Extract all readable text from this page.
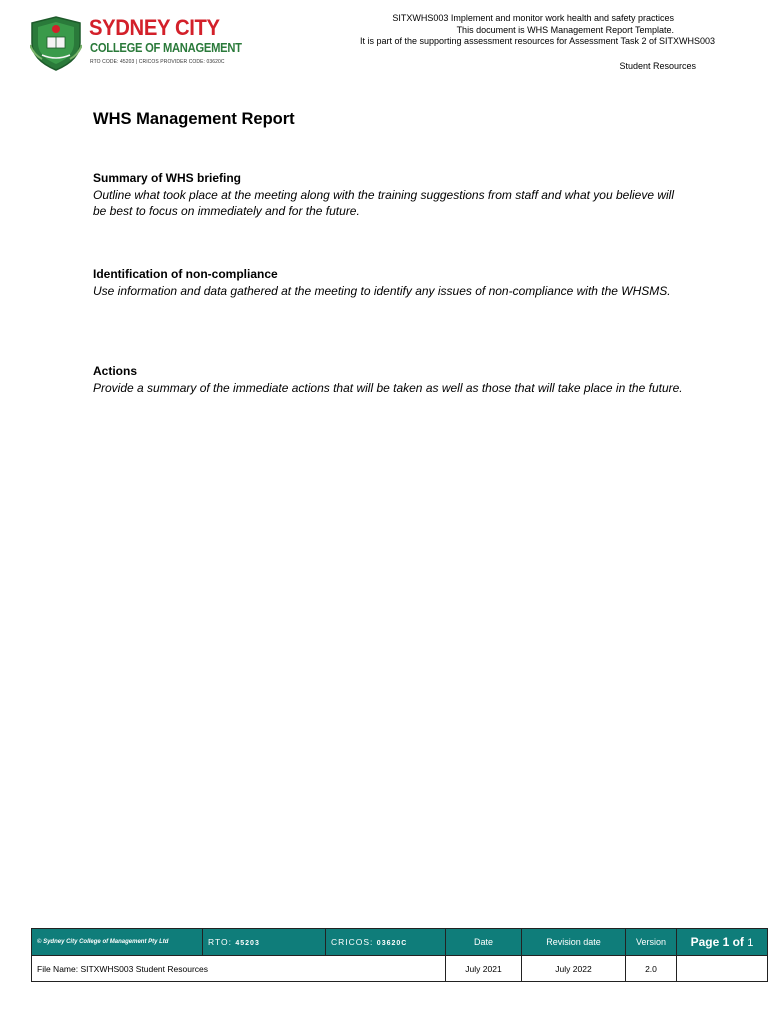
SYDNEY CITY
COLLEGE OF MANAGEMENT
RTO CODE: 45203 | CRICOS PROVIDER CODE: 03620C
SITXWHS003 Implement and monitor work health and safety practices
This document is WHS Management Report Template.
It is part of the supporting assessment resources for Assessment Task 2 of SITXWHS003
Student Resources
WHS Management Report
Summary of WHS briefing

Outline what took place at the meeting along with the training suggestions from staff and what you believe will be best to focus on immediately and for the future.

Identification of non-compliance

Use information and data gathered at the meeting to identify any issues of non-compliance with the WHSMS.

Actions

Provide a summary of the immediate actions that will be taken as well as those that will take place in the future.

© Sydney City College of Management Pty Ltd	RTO: 45203	CRICOS: 03620C	Date	Revision date	Version	Page 1 of 1
File Name: SITXWHS003 Student Resources			July 2021	July 2022	2.0	
